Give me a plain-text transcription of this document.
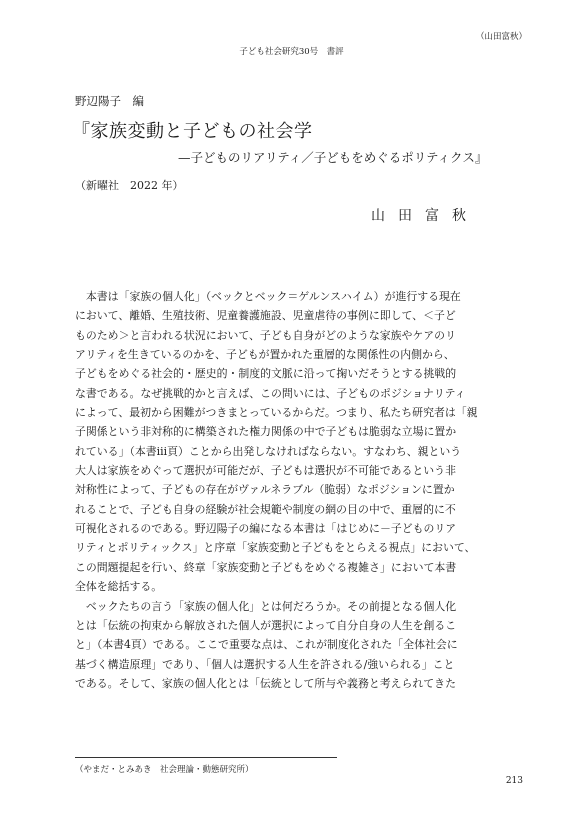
（山田富秋）
子ども社会研究30号　書評
野辺陽子　編
『家族変動と子どもの社会学
—子どものリアリティ／子どもをめぐるポリティクス』
（新曜社　2022 年）
山田富秋
　本書は「家族の個人化」（ベックとベック＝ゲルンスハイム）が進行する現在
において、離婚、生殖技術、児童養護施設、児童虐待の事例に即して、＜子ど
ものため＞と言われる状況において、子ども自身がどのような家族やケアのリ
アリティを生きているのかを、子どもが置かれた重層的な関係性の内側から、
子どもをめぐる社会的・歴史的・制度的文脈に沿って掬いだそうとする挑戦的
な書である。なぜ挑戦的かと言えば、この問いには、子どものポジショナリティ
によって、最初から困難がつきまとっているからだ。つまり、私たち研究者は「親
子関係という非対称的に構築された権力関係の中で子どもは脆弱な立場に置か
れている」（本書ⅲ頁）ことから出発しなければならない。すなわち、親という
大人は家族をめぐって選択が可能だが、子どもは選択が不可能であるという非
対称性によって、子どもの存在がヴァルネラブル（脆弱）なポジションに置か
れることで、子ども自身の経験が社会規範や制度の網の目の中で、重層的に不
可視化されるのである。野辺陽子の編になる本書は「はじめに－子どものリア
リティとポリティックス」と序章「家族変動と子どもをとらえる視点」において、
この問題提起を行い、終章「家族変動と子どもをめぐる複雑さ」において本書
全体を総括する。
　ベックたちの言う「家族の個人化」とは何だろうか。その前提となる個人化
とは「伝統の拘束から解放された個人が選択によって自分自身の人生を創るこ
と」（本書4頁）である。ここで重要な点は、これが制度化された「全体社会に
基づく構造原理」であり、「個人は選択する人生を許される/強いられる」こと
である。そして、家族の個人化とは「伝統として所与や義務と考えられてきた
（やまだ・とみあき　社会理論・動態研究所）
213
